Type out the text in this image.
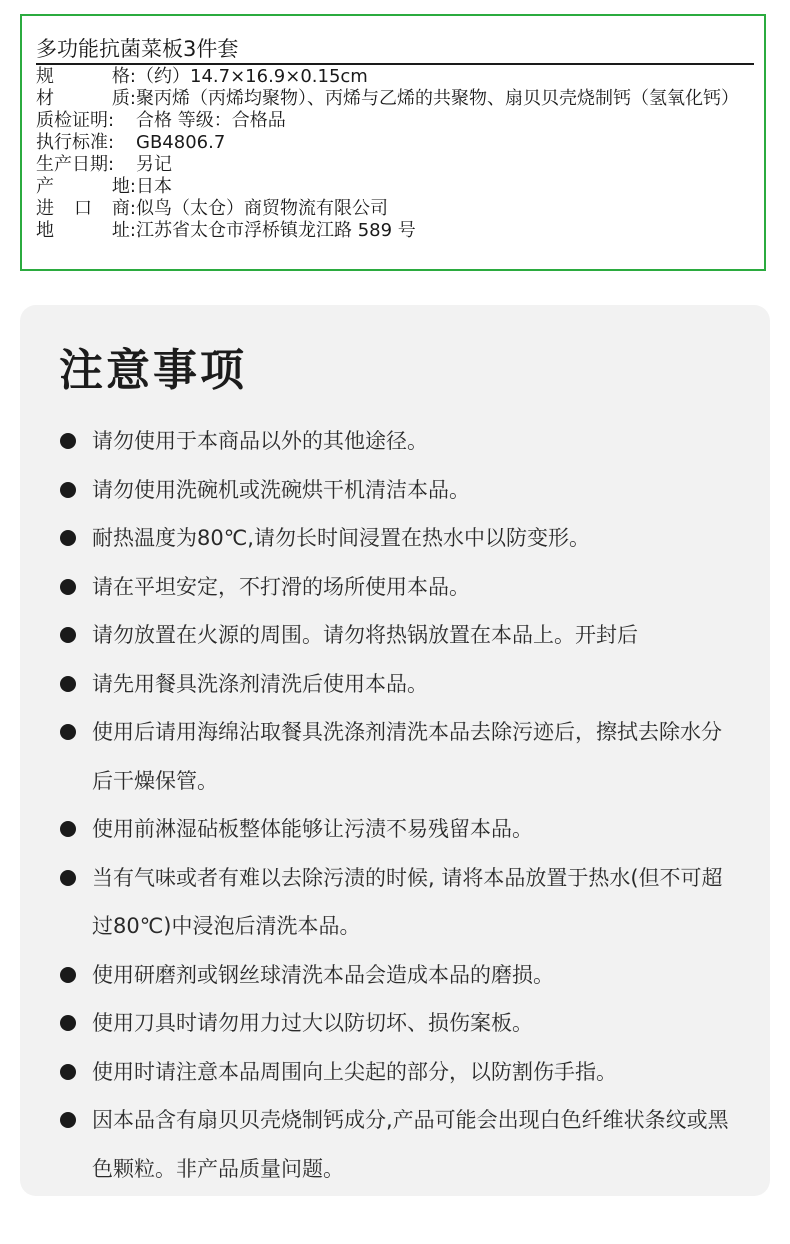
多功能抗菌菜板3件套
规	格: （约）14.7×16.9×0.15cm
材	质: 聚丙烯（丙烯均聚物）、丙烯与乙烯的共聚物、扇贝贝壳烧制钙（氢氧化钙）
质检证明: 合格 等级：合格品
执行标准: GB4806.7
生产日期: 另记
产	地: 日本
进 口 商: 似鸟（太仓）商贸物流有限公司
地	址: 江苏省太仓市浮桥镇龙江路 589 号
注意事项
请勿使用于本商品以外的其他途径。
请勿使用洗碗机或洗碗烘干机清洁本品。
耐热温度为80℃,请勿长时间浸置在热水中以防变形。
请在平坦安定，不打滑的场所使用本品。
请勿放置在火源的周围。请勿将热锅放置在本品上。开封后
请先用餐具洗涤剂清洗后使用本品。
使用后请用海绵沾取餐具洗涤剂清洗本品去除污迹后，擦拭去除水分后干燥保管。
使用前淋湿砧板整体能够让污渍不易残留本品。
当有气味或者有难以去除污渍的时候, 请将本品放置于热水(但不可超过80℃)中浸泡后清洗本品。
使用研磨剂或钢丝球清洗本品会造成本品的磨损。
使用刀具时请勿用力过大以防切坏、损伤案板。
使用时请注意本品周围向上尖起的部分，以防割伤手指。
因本品含有扇贝贝壳烧制钙成分,产品可能会出现白色纤维状条纹或黑色颗粒。非产品质量问题。
